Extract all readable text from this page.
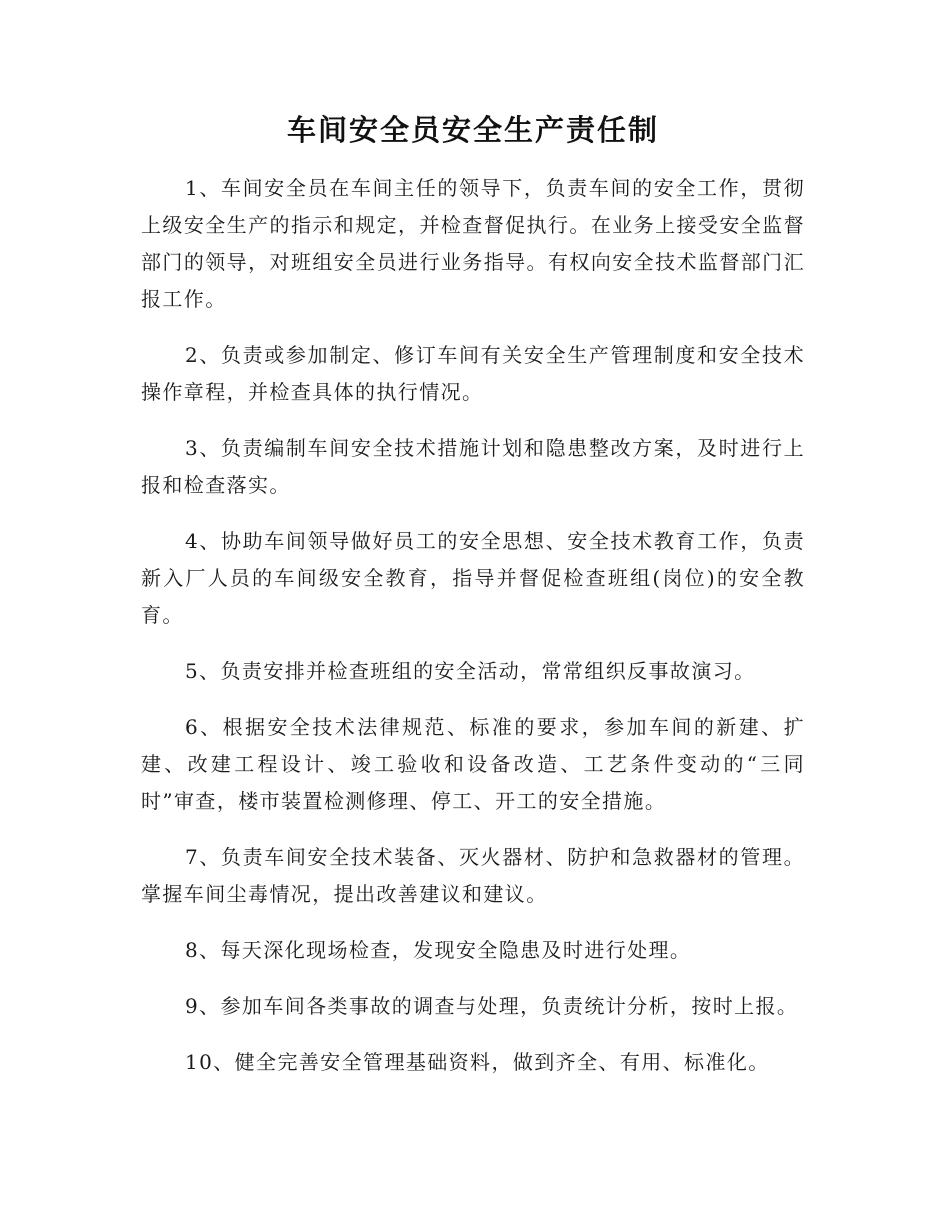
车间安全员安全生产责任制

1、车间安全员在车间主任的领导下，负责车间的安全工作，贯彻上级安全生产的指示和规定，并检查督促执行。在业务上接受安全监督部门的领导，对班组安全员进行业务指导。有权向安全技术监督部门汇报工作。

2、负责或参加制定、修订车间有关安全生产管理制度和安全技术操作章程，并检查具体的执行情况。

3、负责编制车间安全技术措施计划和隐患整改方案，及时进行上报和检查落实。

4、协助车间领导做好员工的安全思想、安全技术教育工作，负责新入厂人员的车间级安全教育，指导并督促检查班组(岗位)的安全教育。

5、负责安排并检查班组的安全活动，常常组织反事故演习。

6、根据安全技术法律规范、标准的要求，参加车间的新建、扩建、改建工程设计、竣工验收和设备改造、工艺条件变动的“三同时”审查，楼市装置检测修理、停工、开工的安全措施。

7、负责车间安全技术装备、灭火器材、防护和急救器材的管理。掌握车间尘毒情况，提出改善建议和建议。

8、每天深化现场检查，发现安全隐患及时进行处理。

9、参加车间各类事故的调查与处理，负责统计分析，按时上报。

10、健全完善安全管理基础资料，做到齐全、有用、标准化。
